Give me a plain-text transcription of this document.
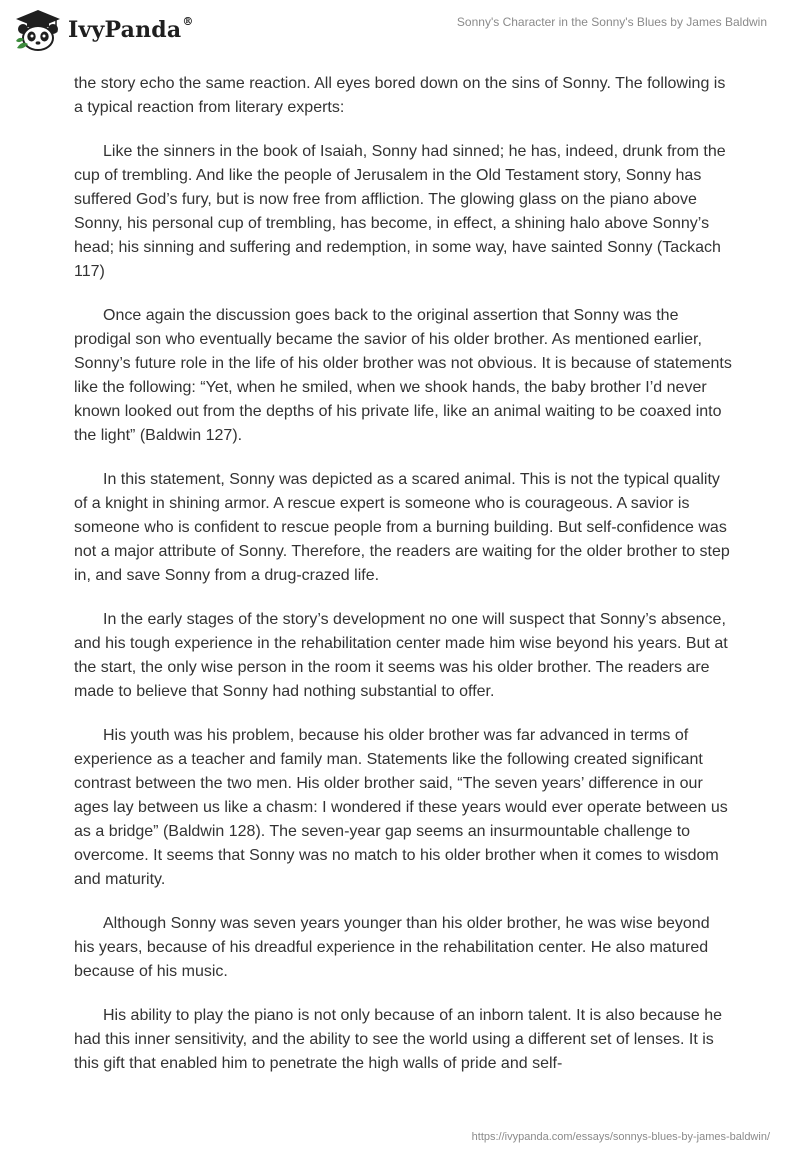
IvyPanda®	Sonny's Character in the Sonny's Blues by James Baldwin

the story echo the same reaction. All eyes bored down on the sins of Sonny. The following is a typical reaction from literary experts:

Like the sinners in the book of Isaiah, Sonny had sinned; he has, indeed, drunk from the cup of trembling. And like the people of Jerusalem in the Old Testament story, Sonny has suffered God’s fury, but is now free from affliction. The glowing glass on the piano above Sonny, his personal cup of trembling, has become, in effect, a shining halo above Sonny’s head; his sinning and suffering and redemption, in some way, have sainted Sonny (Tackach 117)

Once again the discussion goes back to the original assertion that Sonny was the prodigal son who eventually became the savior of his older brother. As mentioned earlier, Sonny’s future role in the life of his older brother was not obvious. It is because of statements like the following: “Yet, when he smiled, when we shook hands, the baby brother I’d never known looked out from the depths of his private life, like an animal waiting to be coaxed into the light” (Baldwin 127).

In this statement, Sonny was depicted as a scared animal. This is not the typical quality of a knight in shining armor. A rescue expert is someone who is courageous. A savior is someone who is confident to rescue people from a burning building. But self-confidence was not a major attribute of Sonny. Therefore, the readers are waiting for the older brother to step in, and save Sonny from a drug-crazed life.

In the early stages of the story’s development no one will suspect that Sonny’s absence, and his tough experience in the rehabilitation center made him wise beyond his years. But at the start, the only wise person in the room it seems was his older brother. The readers are made to believe that Sonny had nothing substantial to offer.

His youth was his problem, because his older brother was far advanced in terms of experience as a teacher and family man. Statements like the following created significant contrast between the two men. His older brother said, “The seven years’ difference in our ages lay between us like a chasm: I wondered if these years would ever operate between us as a bridge” (Baldwin 128). The seven-year gap seems an insurmountable challenge to overcome. It seems that Sonny was no match to his older brother when it comes to wisdom and maturity.

Although Sonny was seven years younger than his older brother, he was wise beyond his years, because of his dreadful experience in the rehabilitation center. He also matured because of his music.

His ability to play the piano is not only because of an inborn talent. It is also because he had this inner sensitivity, and the ability to see the world using a different set of lenses. It is this gift that enabled him to penetrate the high walls of pride and self-

https://ivypanda.com/essays/sonnys-blues-by-james-baldwin/
